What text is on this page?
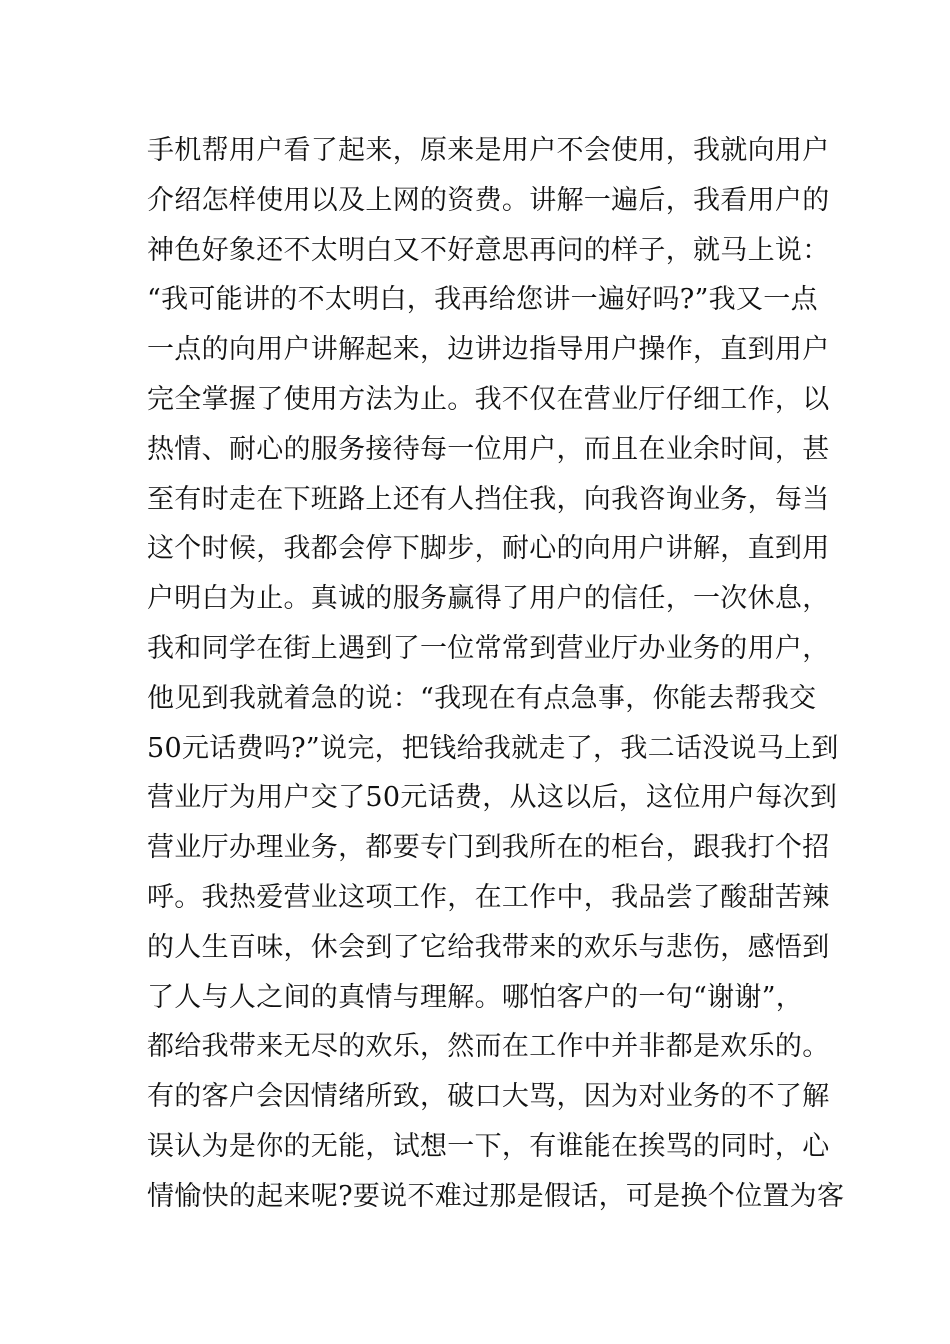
手机帮用户看了起来，原来是用户不会使用，我就向用户
介绍怎样使用以及上网的资费。讲解一遍后，我看用户的
神色好象还不太明白又不好意思再问的样子，就马上说：
“我可能讲的不太明白，我再给您讲一遍好吗?”我又一点
一点的向用户讲解起来，边讲边指导用户操作，直到用户
完全掌握了使用方法为止。我不仅在营业厅仔细工作，以
热情、耐心的服务接待每一位用户，而且在业余时间，甚
至有时走在下班路上还有人挡住我，向我咨询业务，每当
这个时候，我都会停下脚步，耐心的向用户讲解，直到用
户明白为止。真诚的服务赢得了用户的信任，一次休息，
我和同学在街上遇到了一位常常到营业厅办业务的用户，
他见到我就着急的说：“我现在有点急事，你能去帮我交
50元话费吗?”说完，把钱给我就走了，我二话没说马上到
营业厅为用户交了50元话费，从这以后，这位用户每次到
营业厅办理业务，都要专门到我所在的柜台，跟我打个招
呼。我热爱营业这项工作，在工作中，我品尝了酸甜苦辣
的人生百味，休会到了它给我带来的欢乐与悲伤，感悟到
了人与人之间的真情与理解。哪怕客户的一句“谢谢”，
都给我带来无尽的欢乐，然而在工作中并非都是欢乐的。
有的客户会因情绪所致，破口大骂，因为对业务的不了解
误认为是你的无能，试想一下，有谁能在挨骂的同时，心
情愉快的起来呢?要说不难过那是假话，可是换个位置为客
